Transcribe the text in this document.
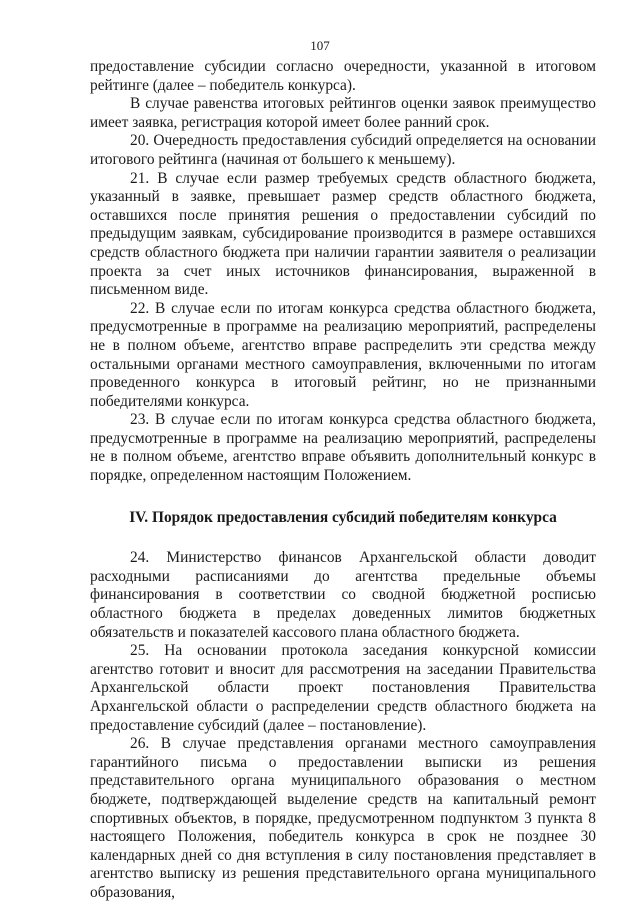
107

предоставление субсидии согласно очередности, указанной в итоговом рейтинге (далее – победитель конкурса).

В случае равенства итоговых рейтингов оценки заявок преимущество имеет заявка, регистрация которой имеет более ранний срок.

20. Очередность предоставления субсидий определяется на основании итогового рейтинга (начиная от большего к меньшему).

21. В случае если размер требуемых средств областного бюджета, указанный в заявке, превышает размер средств областного бюджета, оставшихся после принятия решения о предоставлении субсидий по предыдущим заявкам, субсидирование производится в размере оставшихся средств областного бюджета при наличии гарантии заявителя о реализации проекта за счет иных источников финансирования, выраженной в письменном виде.

22. В случае если по итогам конкурса средства областного бюджета, предусмотренные в программе на реализацию мероприятий, распределены не в полном объеме, агентство вправе распределить эти средства между остальными органами местного самоуправления, включенными по итогам проведенного конкурса в итоговый рейтинг, но не признанными победителями конкурса.

23. В случае если по итогам конкурса средства областного бюджета, предусмотренные в программе на реализацию мероприятий, распределены не в полном объеме, агентство вправе объявить дополнительный конкурс в порядке, определенном настоящим Положением.

IV. Порядок предоставления субсидий победителям конкурса

24. Министерство финансов Архангельской области доводит расходными расписаниями до агентства предельные объемы финансирования в соответствии со сводной бюджетной росписью областного бюджета в пределах доведенных лимитов бюджетных обязательств и показателей кассового плана областного бюджета.

25. На основании протокола заседания конкурсной комиссии агентство готовит и вносит для рассмотрения на заседании Правительства Архангельской области проект постановления Правительства Архангельской области о распределении средств областного бюджета на предоставление субсидий (далее – постановление).

26. В случае представления органами местного самоуправления гарантийного письма о предоставлении выписки из решения представительного органа муниципального образования о местном бюджете, подтверждающей выделение средств на капитальный ремонт спортивных объектов, в порядке, предусмотренном подпунктом 3 пункта 8 настоящего Положения, победитель конкурса в срок не позднее 30 календарных дней со дня вступления в силу постановления представляет в агентство выписку из решения представительного органа муниципального образования,
